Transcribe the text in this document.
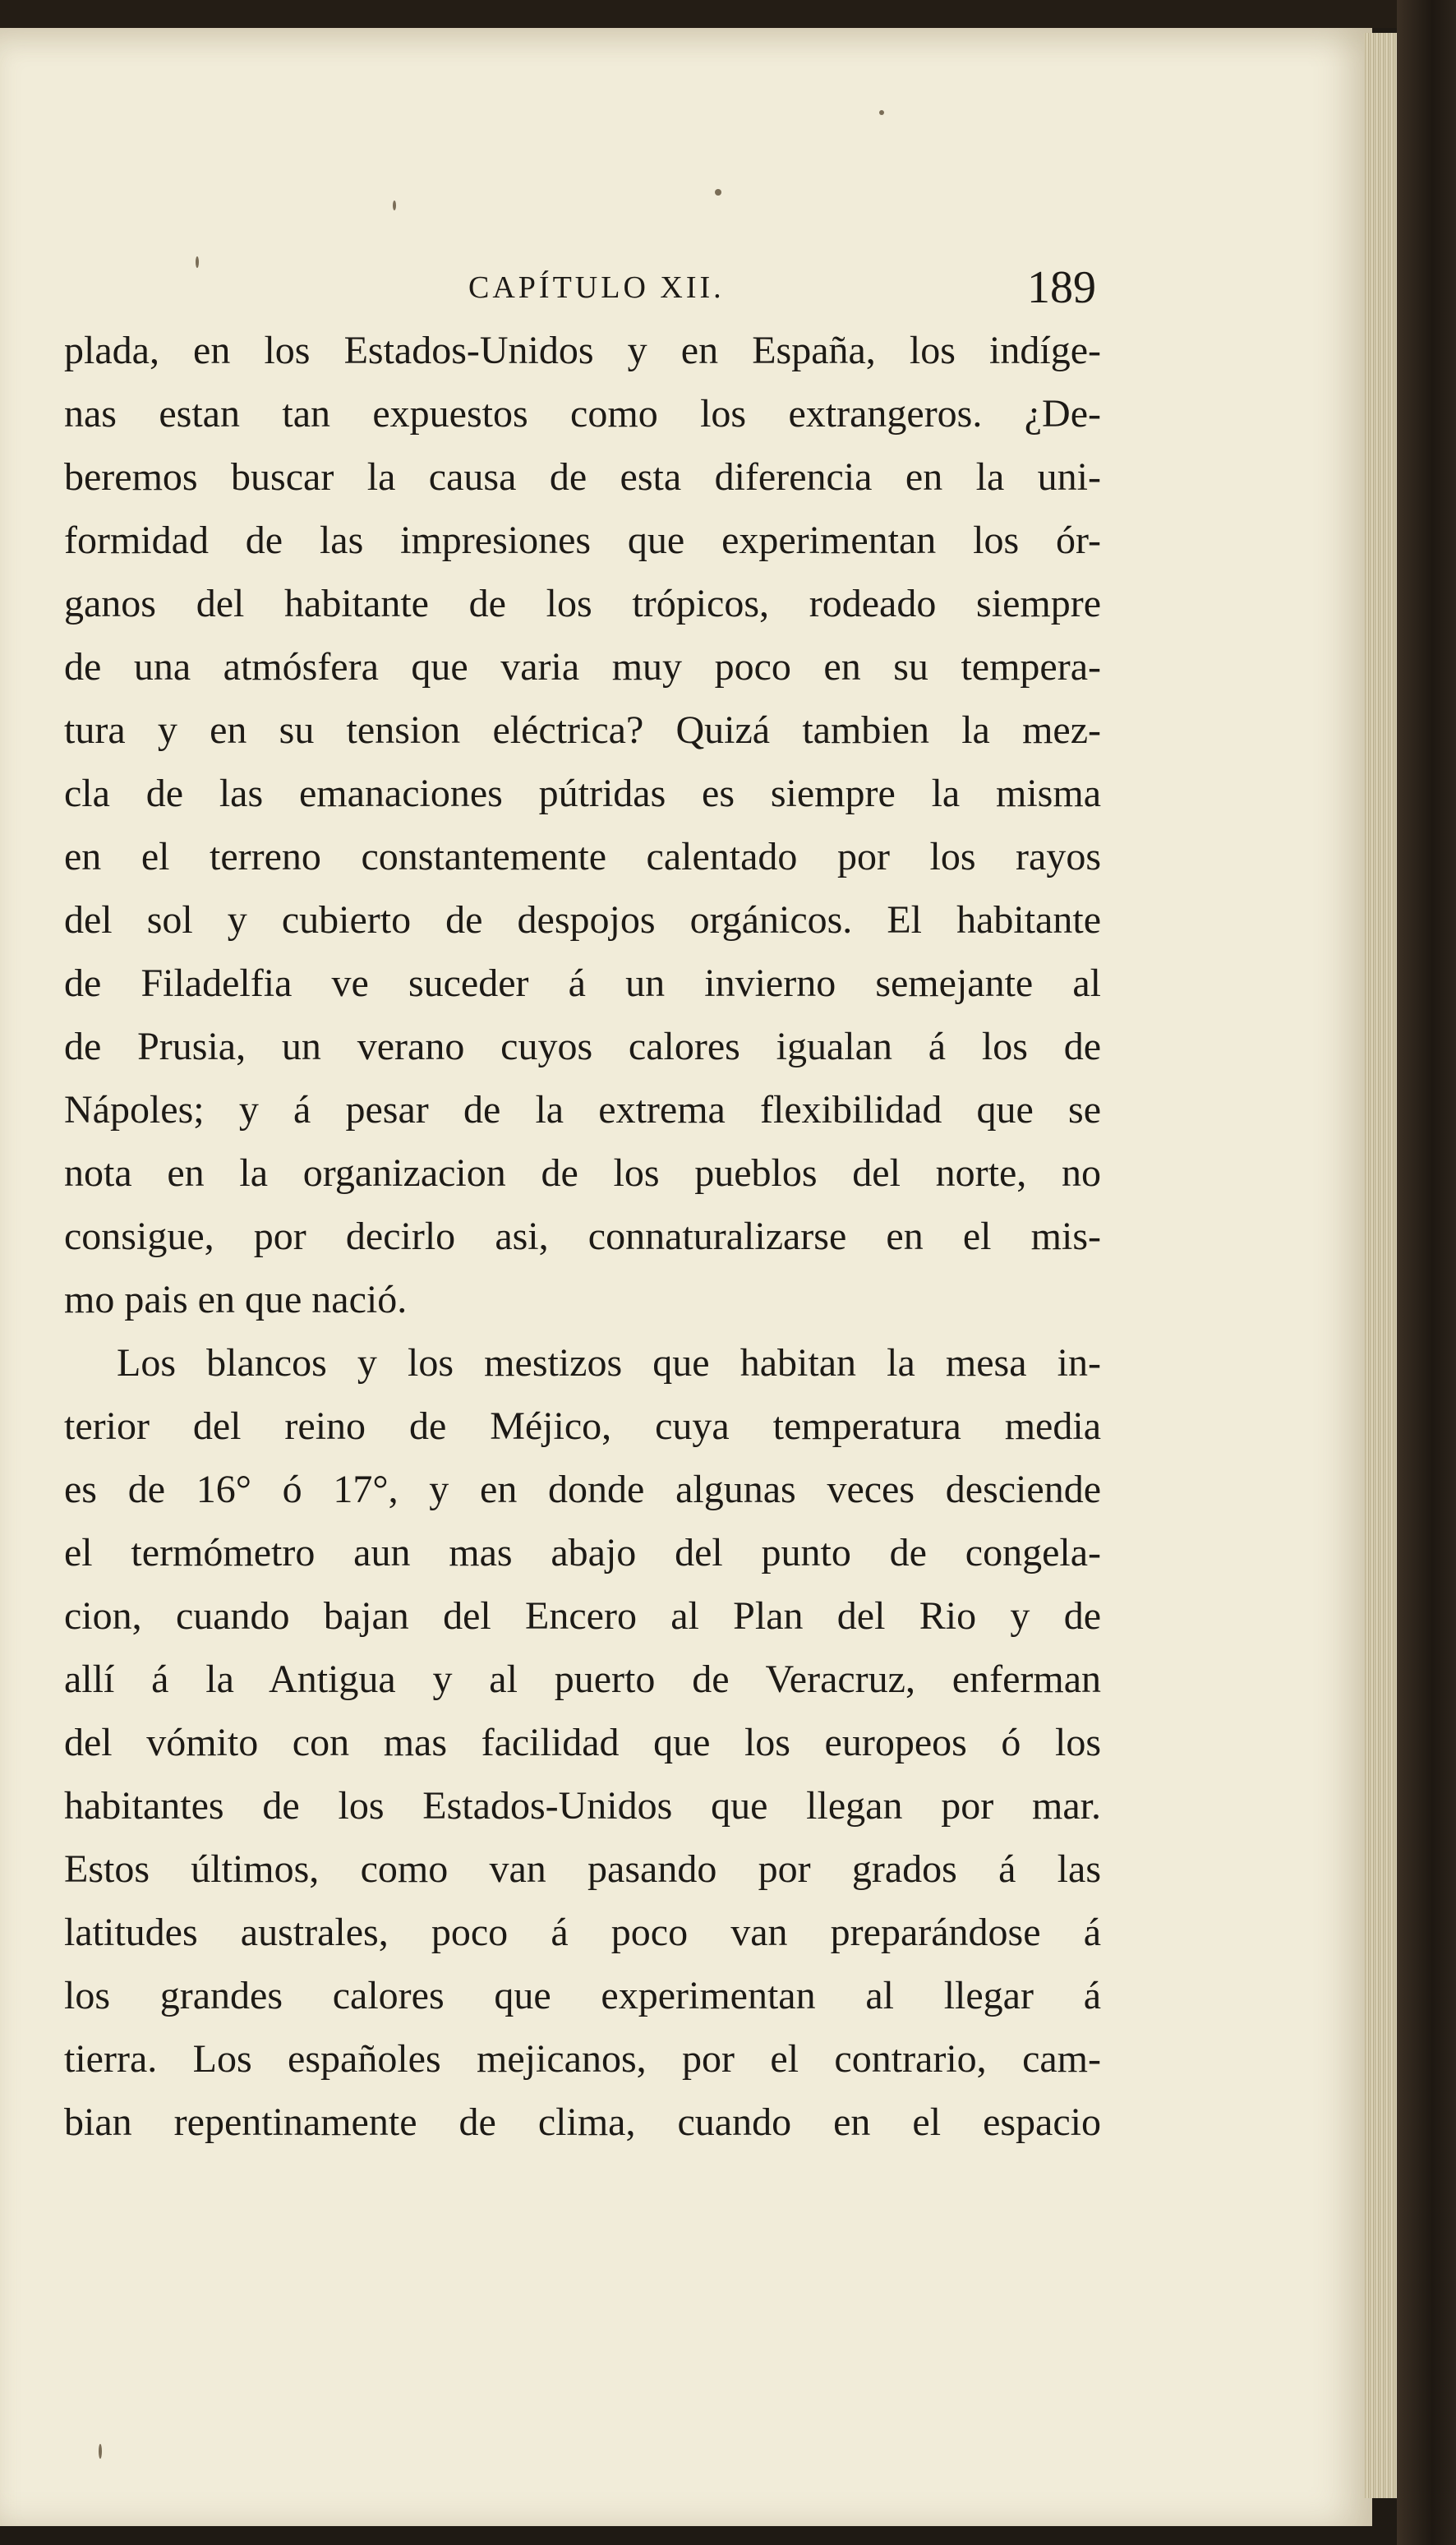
CAPÍTULO XII.	189
plada, en los Estados-Unidos y en España, los indíge-
nas estan tan expuestos como los extrangeros. ¿De-
beremos buscar la causa de esta diferencia en la uni-
formidad de las impresiones que experimentan los ór-
ganos del habitante de los trópicos, rodeado siempre
de una atmósfera que varia muy poco en su tempera-
tura y en su tension eléctrica? Quizá tambien la mez-
cla de las emanaciones pútridas es siempre la misma
en el terreno constantemente calentado por los rayos
del sol y cubierto de despojos orgánicos. El habitante
de Filadelfia ve suceder á un invierno semejante al
de Prusia, un verano cuyos calores igualan á los de
Nápoles; y á pesar de la extrema flexibilidad que se
nota en la organizacion de los pueblos del norte, no
consigue, por decirlo asi, connaturalizarse en el mis-
mo pais en que nació.
Los blancos y los mestizos que habitan la mesa in-
terior del reino de Méjico, cuya temperatura media
es de 16° ó 17°, y en donde algunas veces desciende
el termómetro aun mas abajo del punto de congela-
cion, cuando bajan del Encero al Plan del Rio y de
allí á la Antigua y al puerto de Veracruz, enferman
del vómito con mas facilidad que los europeos ó los
habitantes de los Estados-Unidos que llegan por mar.
Estos últimos, como van pasando por grados á las
latitudes australes, poco á poco van preparándose á
los grandes calores que experimentan al llegar á
tierra. Los españoles mejicanos, por el contrario, cam-
bian repentinamente de clima, cuando en el espacio
